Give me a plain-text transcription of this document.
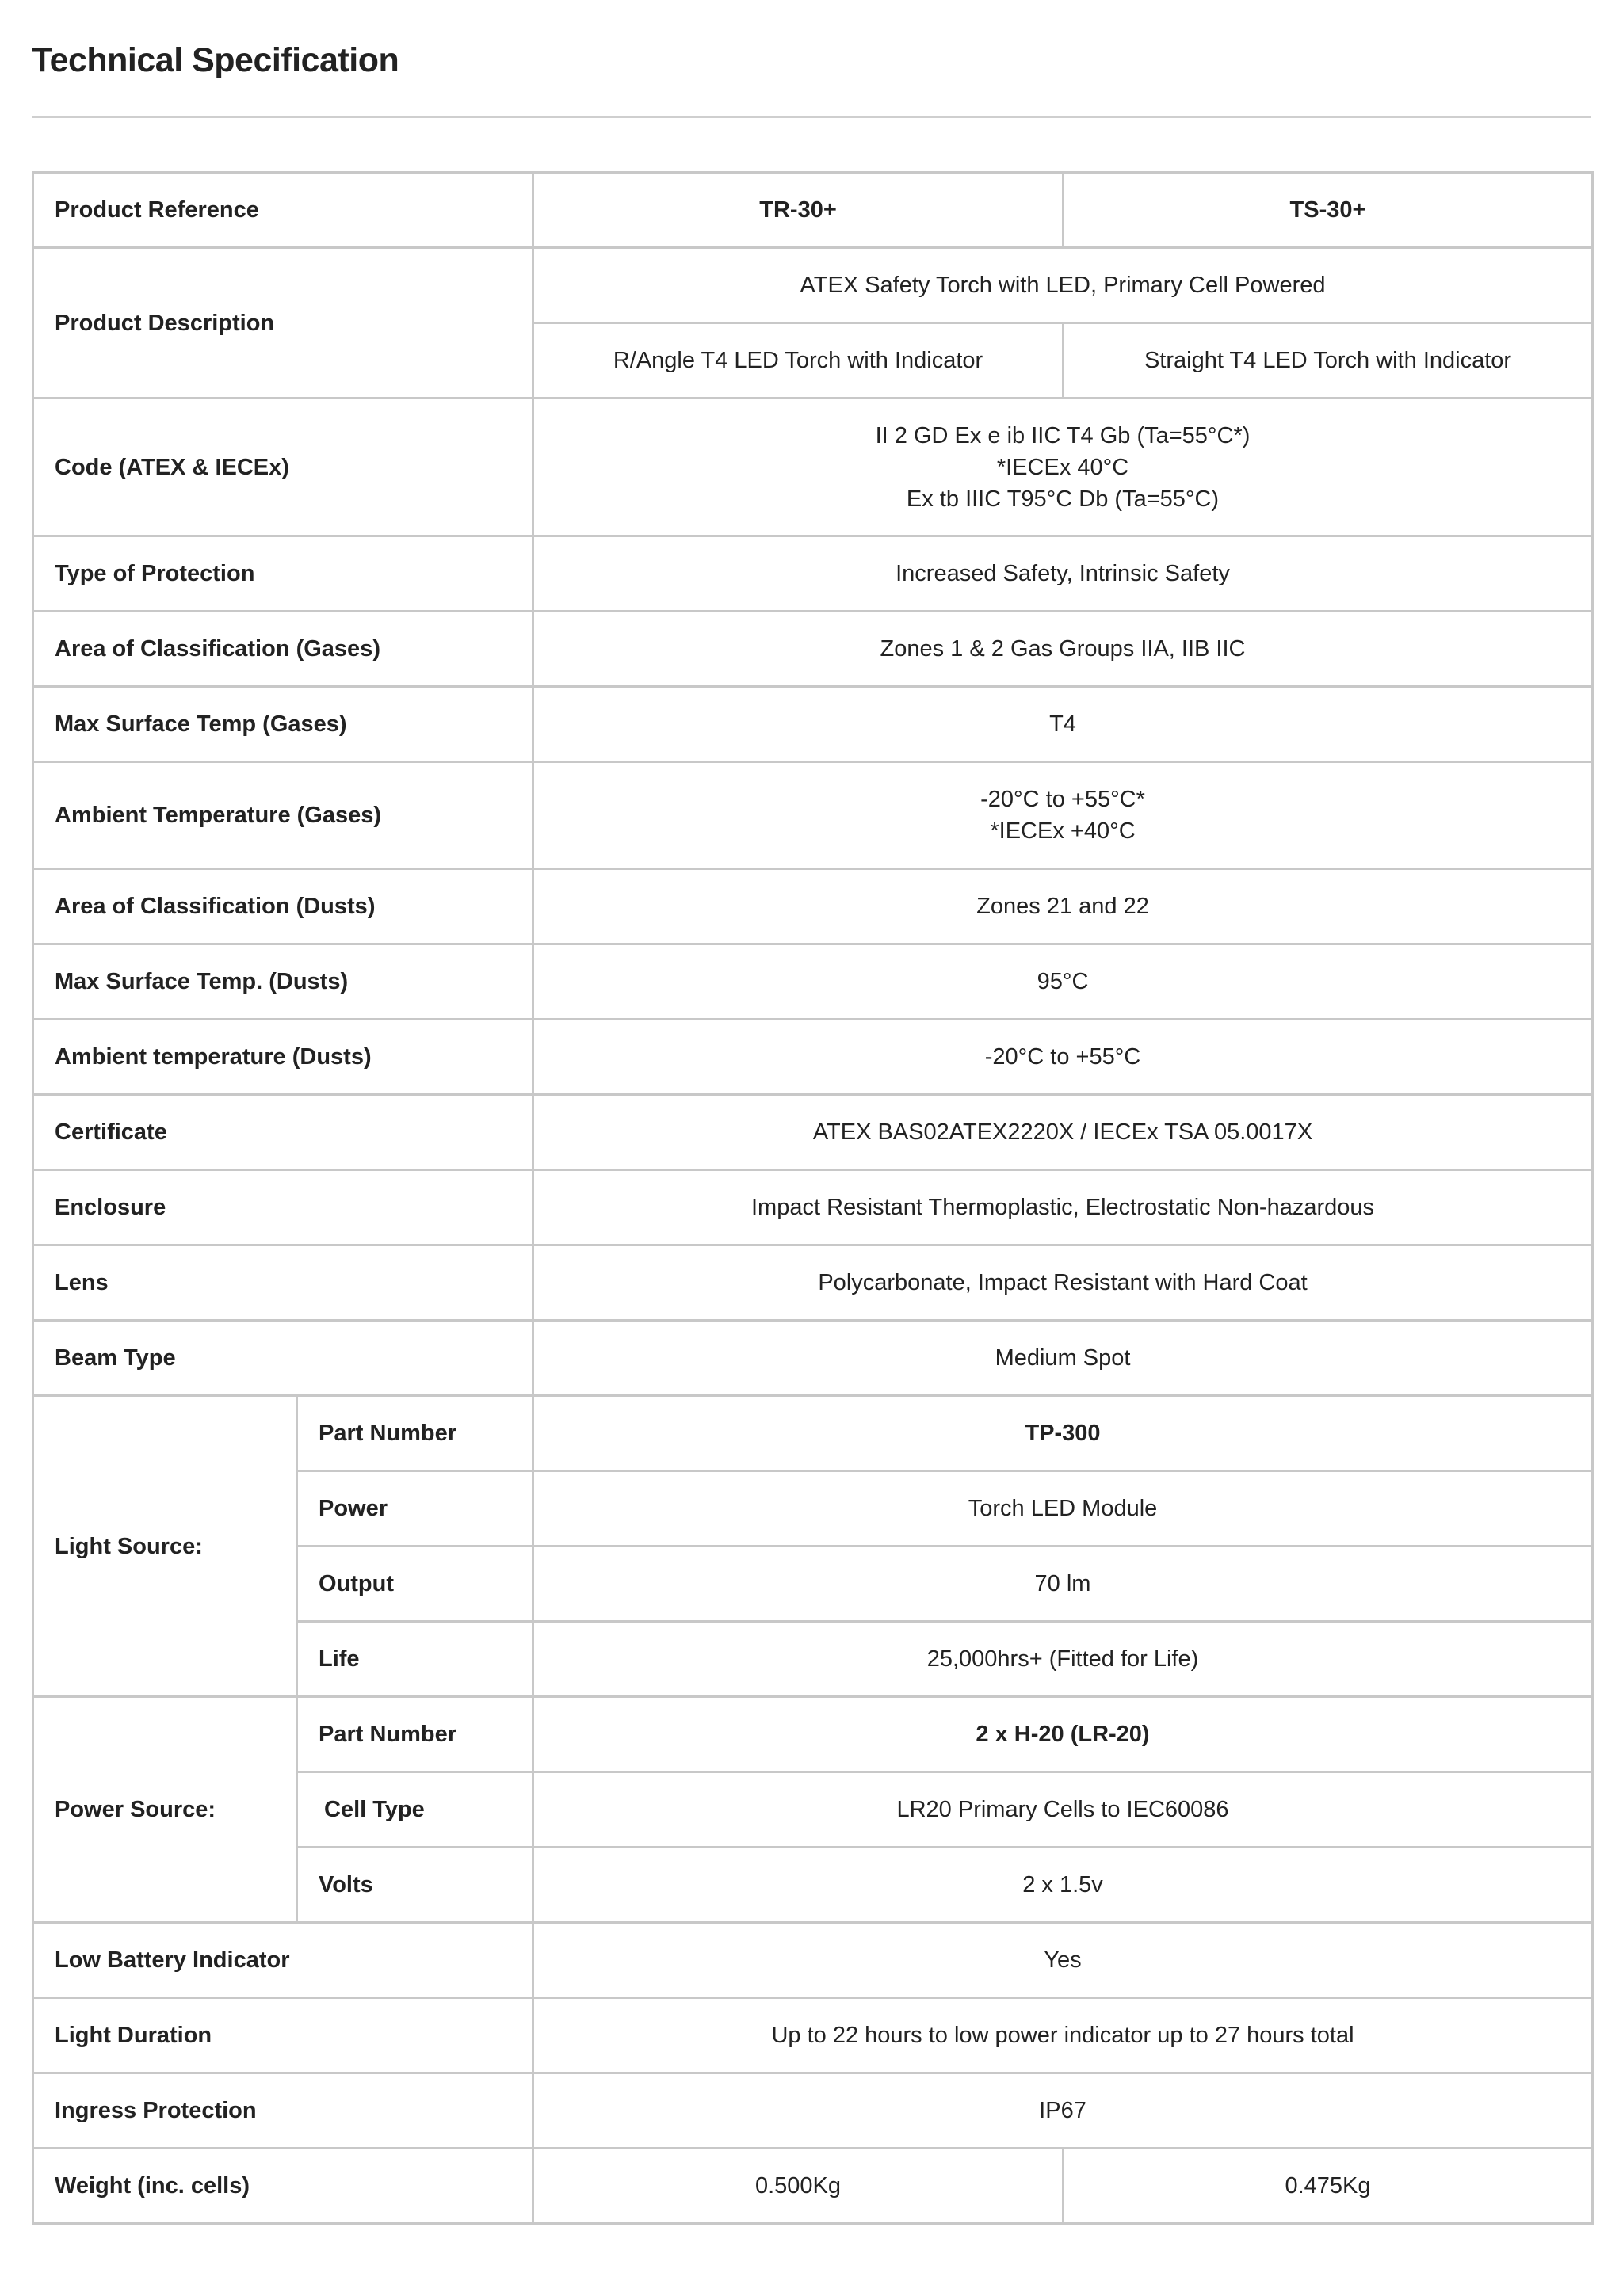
Technical Specification
Product Reference		TR-30+	TS-30+
Product Description		ATEX Safety Torch with LED, Primary Cell Powered	
		R/Angle T4 LED Torch with Indicator	Straight T4 LED Torch with Indicator
Code (ATEX & IECEx)		II 2 GD Ex e ib IIC T4 Gb (Ta=55°C*)
*IECEx 40°C
Ex tb IIIC T95°C Db (Ta=55°C)	

Type of Protection		Increased Safety, Intrinsic Safety	
Area of Classification (Gases)		Zones 1 & 2 Gas Groups IIA, IIB IIC	
Max Surface Temp (Gases)		T4	
Ambient Temperature (Gases)		-20°C to +55°C*
*IECEx +40°C	

Area of Classification (Dusts)		Zones 21 and 22	
Max Surface Temp. (Dusts)		95°C	
Ambient temperature (Dusts)		-20°C to +55°C	
Certificate		ATEX BAS02ATEX2220X / IECEx TSA 05.0017X	
Enclosure		Impact Resistant Thermoplastic, Electrostatic Non-hazardous	
Lens		Polycarbonate, Impact Resistant with Hard Coat	
Beam Type		Medium Spot	
Light Source:	Part Number	TP-300	
	Power	Torch LED Module	
	Output	70 lm	
	Life	25,000hrs+ (Fitted for Life)	
Power Source:	Part Number	2 x H-20 (LR-20)	
	Cell Type	LR20 Primary Cells to IEC60086	
	Volts	2 x 1.5v	
Low Battery Indicator		Yes	
Light Duration		Up to 22 hours to low power indicator up to 27 hours total	
Ingress Protection		IP67	
Weight (inc. cells)		0.500Kg	0.475Kg
